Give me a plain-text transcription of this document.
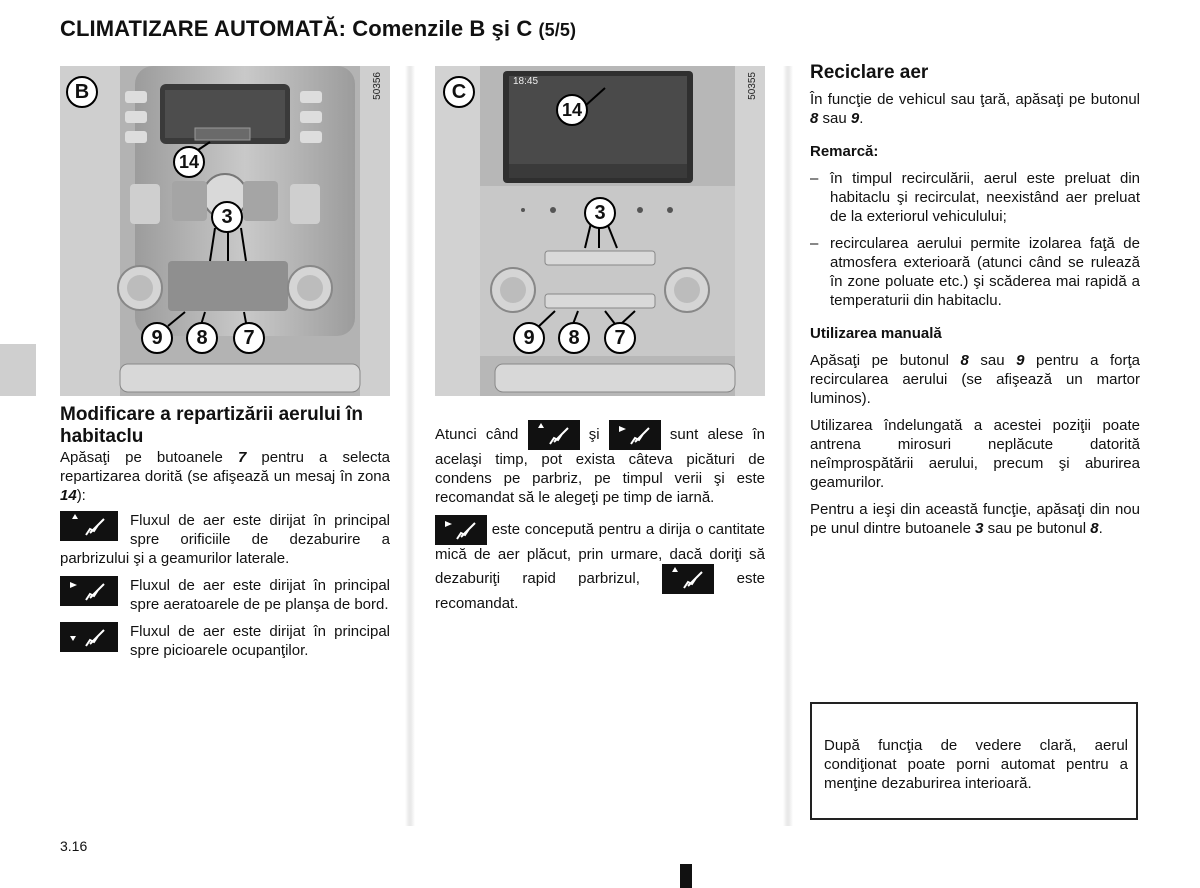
CLIMATIZARE AUTOMATĂ: Comenzile B şi C (5/5)
B	50356
14
3
9	8	7
18:45
C	50355
14
3
9	8	7
Modificare a repartizării aerului în habitaclu

Apăsaţi pe butoanele 7 pentru a selecta repartizarea dorită (se afişează un mesaj în zona 14):

Fluxul de aer este dirijat în principal spre orificiile de dezaburire a parbrizului şi a geamurilor laterale.

Fluxul de aer este dirijat în principal spre aeratoarele de pe planşa de bord.

Fluxul de aer este dirijat în principal spre picioarele ocupanţilor.

Atunci când	şi	sunt alese în acelaşi timp, pot exista câteva picături de condens pe parbriz, pe timpul verii şi este recomandat să le alegeţi pe timp de iarnă.

este concepută pentru a dirija o cantitate mică de aer plăcut, prin urmare, dacă doriţi să dezaburiţi rapid parbrizul,	este recomandat.

Reciclare aer

În funcţie de vehicul sau ţară, apăsaţi pe butonul 8 sau 9.

Remarcă:

– în timpul recirculării, aerul este preluat din habitaclu şi recirculat, neexistând aer preluat de la exteriorul vehiculului;
– recircularea aerului permite izolarea faţă de atmosfera exterioară (atunci când se rulează în zone poluate etc.) şi scăderea mai rapidă a temperaturii din habitaclu.

Utilizarea manuală

Apăsaţi pe butonul 8 sau 9 pentru a forţa recircularea aerului (se afişează un martor luminos).

Utilizarea îndelungată a acestei poziţii poate antrena mirosuri neplăcute datorită neîmprospătării aerului, precum şi aburirea geamurilor.

Pentru a ieşi din această funcţie, apăsaţi din nou pe unul dintre butoanele 3 sau pe butonul 8.

După funcţia de vedere clară, aerul condiţionat poate porni automat pentru a menţine dezaburirea interioară.

3.16
